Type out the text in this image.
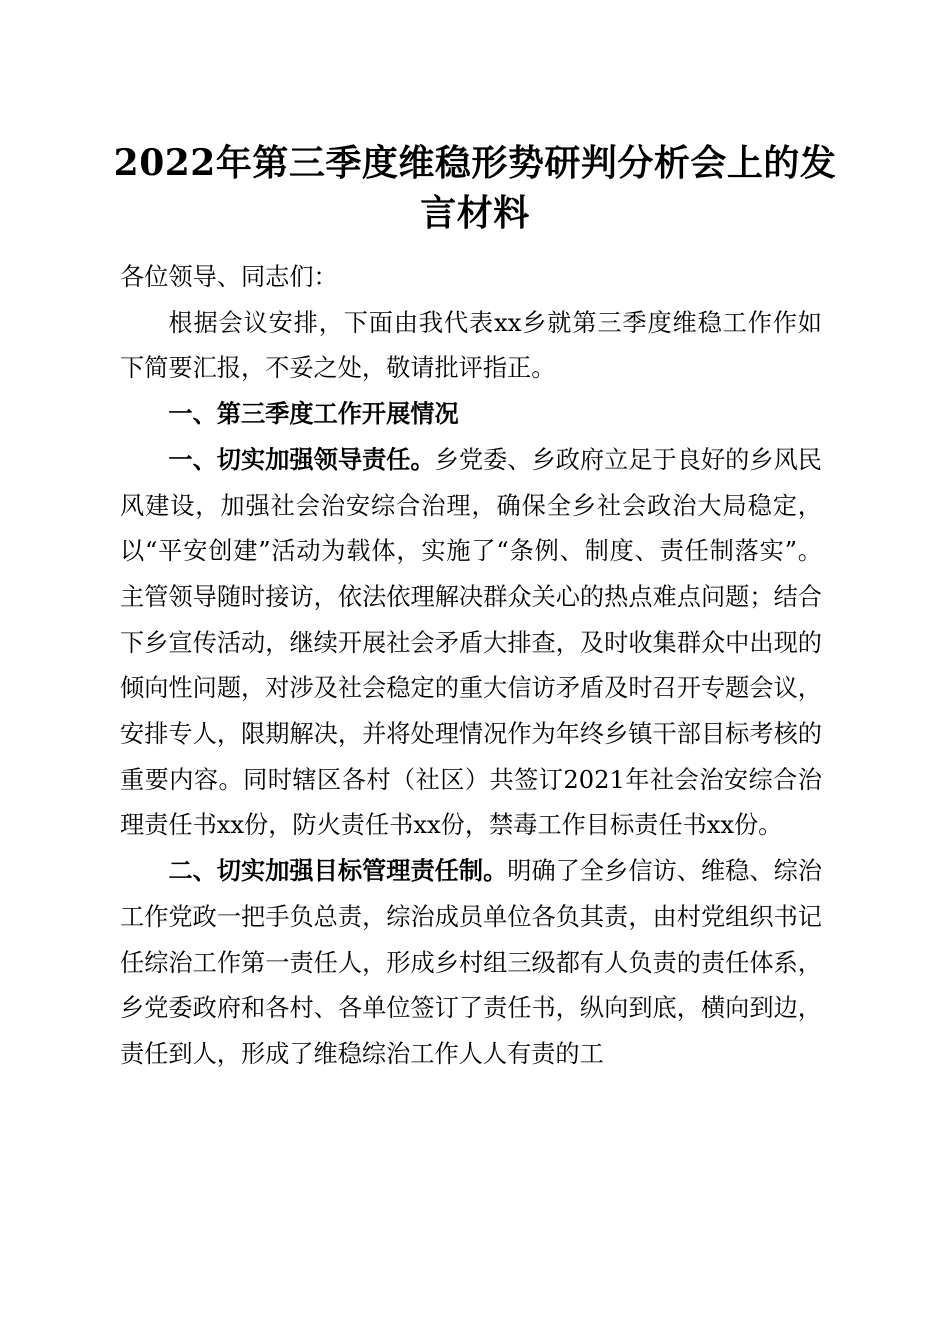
2022年第三季度维稳形势研判分析会上的发言材料

各位领导、同志们：

根据会议安排，下面由我代表xx乡就第三季度维稳工作作如下简要汇报，不妥之处，敬请批评指正。

一、第三季度工作开展情况

一、切实加强领导责任。乡党委、乡政府立足于良好的乡风民风建设，加强社会治安综合治理，确保全乡社会政治大局稳定，以“平安创建”活动为载体，实施了“条例、制度、责任制落实”。主管领导随时接访，依法依理解决群众关心的热点难点问题；结合下乡宣传活动，继续开展社会矛盾大排查，及时收集群众中出现的倾向性问题，对涉及社会稳定的重大信访矛盾及时召开专题会议，安排专人，限期解决，并将处理情况作为年终乡镇干部目标考核的重要内容。同时辖区各村（社区）共签订2021年社会治安综合治理责任书xx份，防火责任书xx份，禁毒工作目标责任书xx份。

二、切实加强目标管理责任制。明确了全乡信访、维稳、综治工作党政一把手负总责，综治成员单位各负其责，由村党组织书记任综治工作第一责任人，形成乡村组三级都有人负责的责任体系，乡党委政府和各村、各单位签订了责任书，纵向到底，横向到边，责任到人，形成了维稳综治工作人人有责的工
